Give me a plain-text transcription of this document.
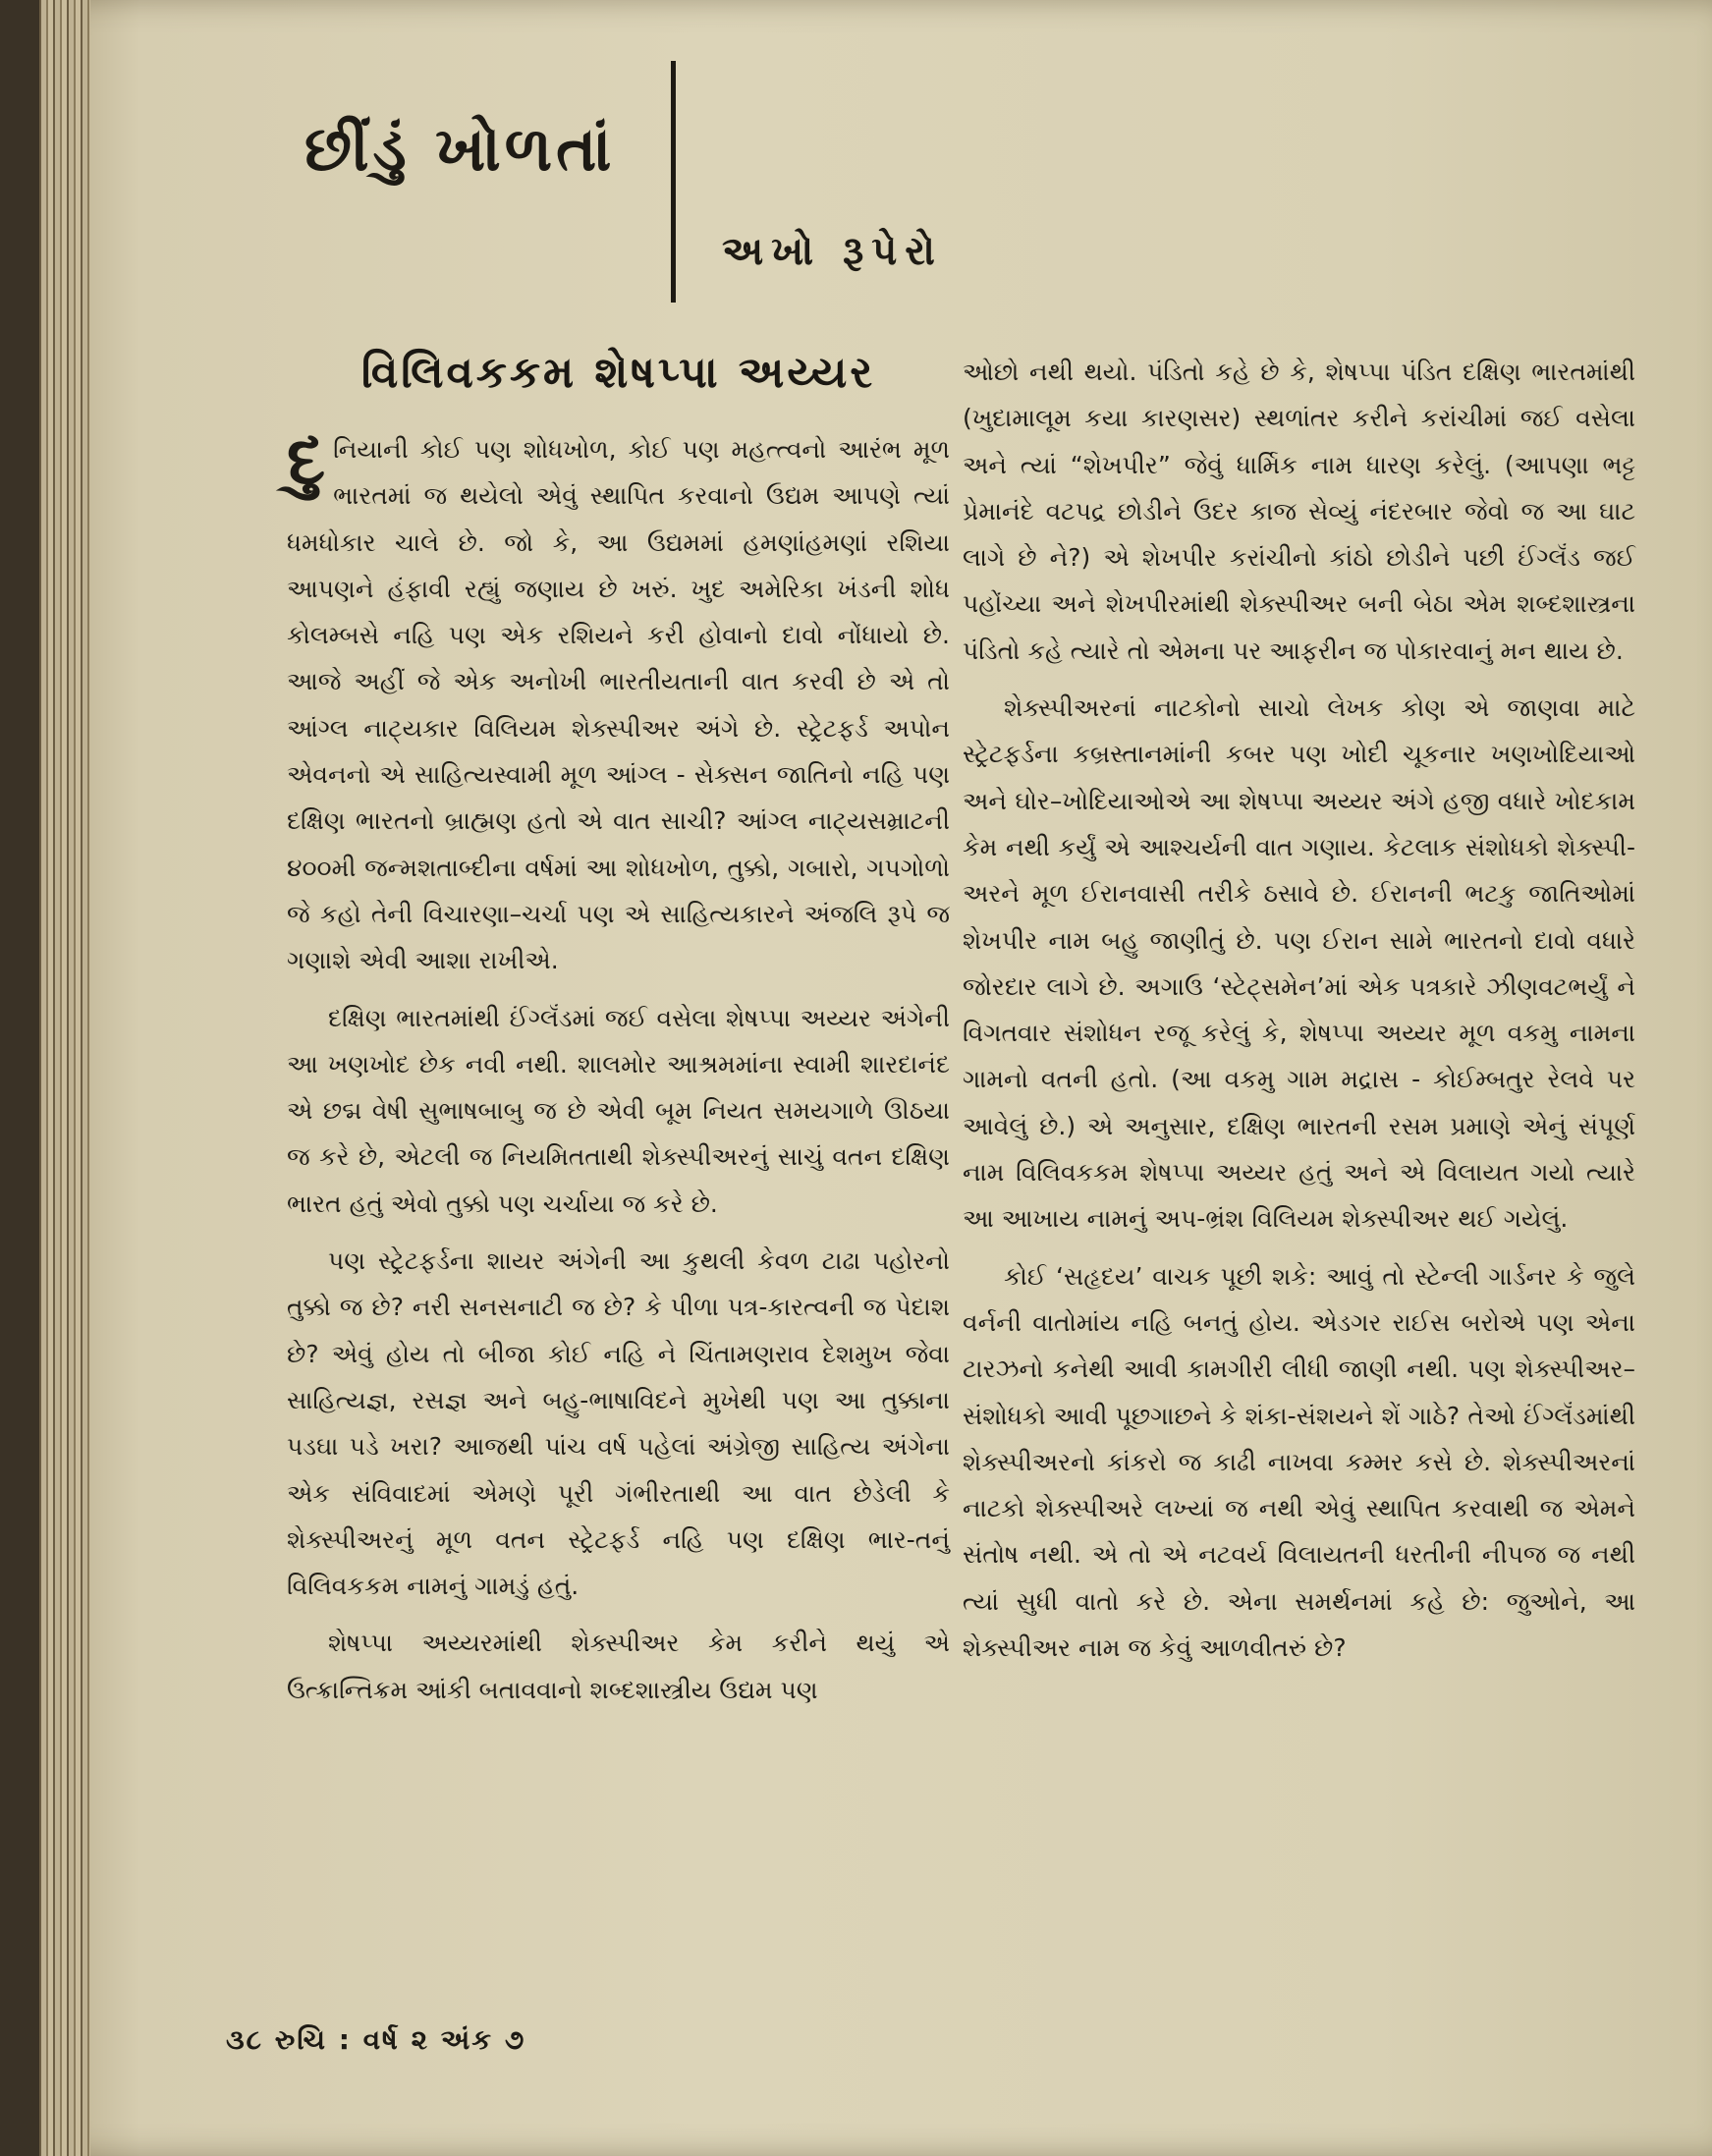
છીંડું ખોળતાં
અખો રૂપેરો
વિલિવકકમ શેષપ્પા અય્યર

દુનિયાની કોઈ પણ શોધખોળ, કોઈ પણ મહત્ત્વનો આરંભ મૂળ ભારતમાં જ થયેલો એવું સ્થાપિત કરવાનો ઉદ્યમ આપણે ત્યાં ધમધોકાર ચાલે છે. જો કે, આ ઉદ્યમમાં હમણાંહમણાં રશિયા આપણને હંફાવી રહ્યું જણાય છે ખરું. ખુદ અમેરિકા ખંડની શોધ કોલમ્બસે નહિ પણ એક રશિયને કરી હોવાનો દાવો નોંધાયો છે. આજે અહીં જે એક અનોખી ભારતીયતાની વાત કરવી છે એ તો આંગ્લ નાટ્યકાર વિલિયમ શેક્સ્પીઅર અંગે છે. સ્ટ્રેટફર્ડ અપોન એવનનો એ સાહિત્યસ્વામી મૂળ આંગ્લ - સેક્સન જાતિનો નહિ પણ દક્ષિણ ભારતનો બ્રાહ્મણ હતો એ વાત સાચી? આંગ્લ નાટ્યસમ્રાટની ૪૦૦મી જન્મશતાબ્દીના વર્ષમાં આ શોધખોળ, તુક્કો, ગબારો, ગપગોળો જે કહો તેની વિચારણા–ચર્ચા પણ એ સાહિત્યકારને અંજલિ રૂપે જ ગણાશે એવી આશા રાખીએ.

દક્ષિણ ભારતમાંથી ઈંગ્લૅંડમાં જઈ વસેલા શેષપ્પા અય્યર અંગેની આ ખણખોદ છેક નવી નથી. શાલમોર આશ્રમમાંના સ્વામી શારદાનંદ એ છદ્મ વેષી સુભાષબાબુ જ છે એવી બૂમ નિયત સમયગાળે ઊઠયા જ કરે છે, એટલી જ નિયમિતતાથી શેક્સ્પીઅરનું સાચું વતન દક્ષિણ ભારત હતું એવો તુક્કો પણ ચર્ચાયા જ કરે છે.

પણ સ્ટ્રેટફર્ડના શાયર અંગેની આ કુથલી કેવળ ટાઢા પહોરનો તુક્કો જ છે? નરી સનસનાટી જ છે? કે પીળા પત્ર-કારત્વની જ પેદાશ છે? એવું હોય તો બીજા કોઈ નહિ ને ચિંતામણરાવ દેશમુખ જેવા સાહિત્યજ્ઞ, રસજ્ઞ અને બહુ-ભાષાવિદને મુખેથી પણ આ તુક્કાના પડઘા પડે ખરા? આજથી પાંચ વર્ષ પહેલાં અંગ્રેજી સાહિત્ય અંગેના એક સંવિવાદમાં એમણે પૂરી ગંભીરતાથી આ વાત છેડેલી કે શેક્સ્પીઅરનું મૂળ વતન સ્ટ્રેટફર્ડ નહિ પણ દક્ષિણ ભાર-તનું વિલિવકકમ નામનું ગામડું હતું.

શેષપ્પા અય્યરમાંથી શેક્સ્પીઅર કેમ કરીને થયું એ ઉત્ક્રાન્તિક્રમ આંકી બતાવવાનો શબ્દશાસ્ત્રીય ઉદ્યમ પણ

ઓછો નથી થયો. પંડિતો કહે છે કે, શેષપ્પા પંડિત દક્ષિણ ભારતમાંથી (ખુદામાલૂમ કયા કારણસર) સ્થળાંતર કરીને કરાંચીમાં જઈ વસેલા અને ત્યાં “શેખપીર” જેવું ધાર્મિક નામ ધારણ કરેલું. (આપણા ભટ્ટ પ્રેમાનંદે વટપદ્ર છોડીને ઉદર કાજ સેવ્યું નંદરબાર જેવો જ આ ઘાટ લાગે છે ને?) એ શેખપીર કરાંચીનો કાંઠો છોડીને પછી ઈંગ્લૅંડ જઈ પહોંચ્યા અને શેખપીરમાંથી શેક્સ્પીઅર બની બેઠા એમ શબ્દશાસ્ત્રના પંડિતો કહે ત્યારે તો એમના પર આફરીન જ પોકારવાનું મન થાય છે.

શેક્સ્પીઅરનાં નાટકોનો સાચો લેખક કોણ એ જાણવા માટે સ્ટ્રેટફર્ડના કબ્રસ્તાનમાંની કબર પણ ખોદી ચૂકનાર ખણખોદિયાઓ અને ઘોર–ખોદિયાઓએ આ શેષપ્પા અય્યર અંગે હજી વધારે ખોદકામ કેમ નથી કર્યું એ આશ્ચર્યની વાત ગણાય. કેટલાક સંશોધકો શેક્સ્પી-અરને મૂળ ઈરાનવાસી તરીકે ઠસાવે છે. ઈરાનની ભટકુ જાતિઓમાં શેખપીર નામ બહુ જાણીતું છે. પણ ઈરાન સામે ભારતનો દાવો વધારે જોરદાર લાગે છે. અગાઉ ‘સ્ટેટ્સમેન’માં એક પત્રકારે ઝીણવટભર્યું ને વિગતવાર સંશોધન રજૂ કરેલું કે, શેષપ્પા અય્યર મૂળ વકમુ નામના ગામનો વતની હતો. (આ વકમુ ગામ મદ્રાસ - કોઈમ્બતુર રેલવે પર આવેલું છે.) એ અનુસાર, દક્ષિણ ભારતની રસમ પ્રમાણે એનું સંપૂર્ણ નામ વિલિવકકમ શેષપ્પા અય્યર હતું અને એ વિલાયત ગયો ત્યારે આ આખાય નામનું અપ-ભ્રંશ વિલિયમ શેક્સ્પીઅર થઈ ગયેલું.

કોઈ ‘સહૃદય’ વાચક પૂછી શકે: આવું તો સ્ટેન્લી ગાર્ડનર કે જુલે વર્નની વાતોમાંય નહિ બનતું હોય. એડગર રાઈસ બરોએ પણ એના ટારઝનો કનેથી આવી કામગીરી લીધી જાણી નથી. પણ શેક્સ્પીઅર–સંશોધકો આવી પૂછગાછને કે શંકા-સંશયને શેં ગાઠે? તેઓ ઈંગ્લૅંડમાંથી શેક્સ્પીઅરનો કાંકરો જ કાઢી નાખવા કમ્મર કસે છે. શેક્સ્પીઅરનાં નાટકો શેક્સ્પીઅરે લખ્યાં જ નથી એવું સ્થાપિત કરવાથી જ એમને સંતોષ નથી. એ તો એ નટવર્ય વિલાયતની ધરતીની નીપજ જ નથી ત્યાં સુધી વાતો કરે છે. એના સમર્થનમાં કહે છે: જુઓને, આ શેક્સ્પીઅર નામ જ કેવું આળવીતરું છે?

૩૮ રુચિ : વર્ષ ૨ અંક ૭
